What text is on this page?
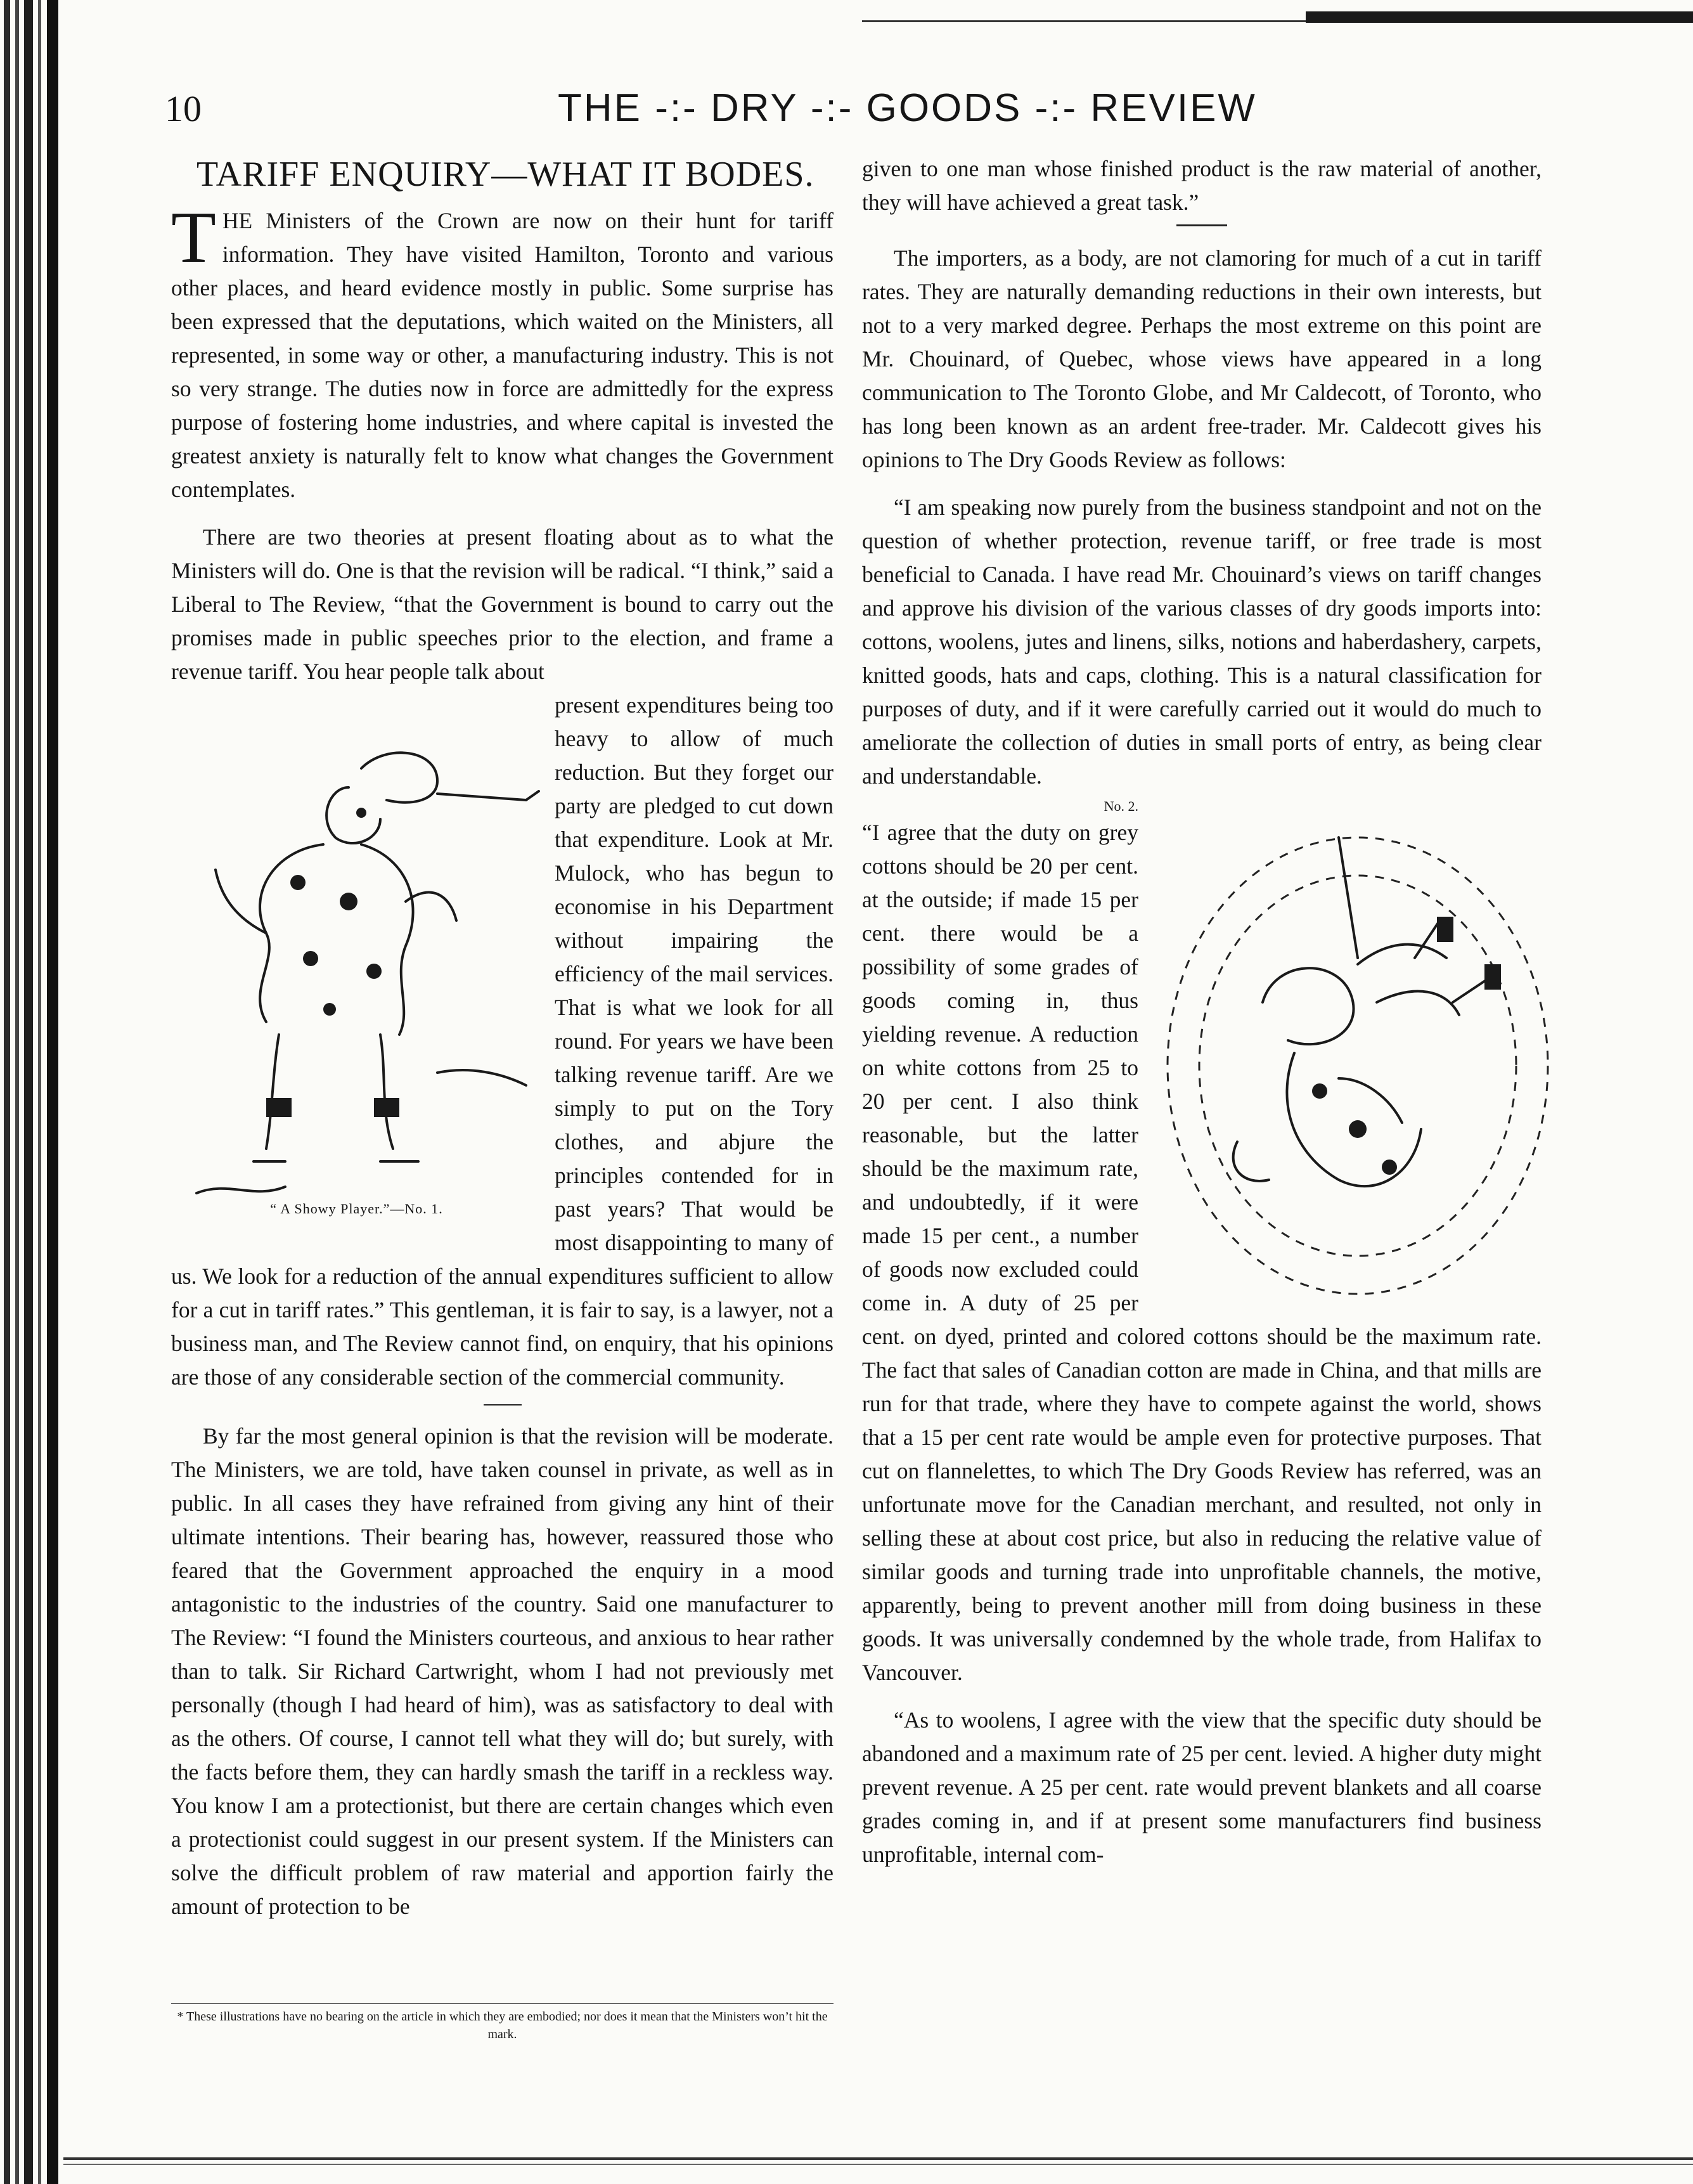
10	THE -:- DRY -:- GOODS -:- REVIEW
TARIFF ENQUIRY—WHAT IT BODES.

THE Ministers of the Crown are now on their hunt for tariff information. They have visited Hamilton, Toronto and various other places, and heard evidence mostly in public. Some surprise has been expressed that the deputations, which waited on the Ministers, all represented, in some way or other, a manufacturing industry. This is not so very strange. The duties now in force are admittedly for the express purpose of fostering home industries, and where capital is invested the greatest anxiety is naturally felt to know what changes the Government contemplates.

There are two theories at present floating about as to what the Ministers will do. One is that the revision will be radical. “I think,” said a Liberal to The Review, “that the Government is bound to carry out the promises made in public speeches prior to the election, and frame a revenue tariff. You hear people talk about

“ A Showy Player.”—No. 1.

present expenditures being too heavy to allow of much reduction. But they forget our party are pledged to cut down that expenditure. Look at Mr. Mulock, who has begun to economise in his Department without impairing the efficiency of the mail services. That is what we look for all round. For years we have been talking revenue tariff. Are we simply to put on the Tory clothes, and abjure the principles contended for in past years? That would be most disappointing to many of us. We look for a reduction of the annual expenditures sufficient to allow for a cut in tariff rates.” This gentleman, it is fair to say, is a lawyer, not a business man, and The Review cannot find, on enquiry, that his opinions are those of any considerable section of the commercial community.

By far the most general opinion is that the revision will be moderate. The Ministers, we are told, have taken counsel in private, as well as in public. In all cases they have refrained from giving any hint of their ultimate intentions. Their bearing has, however, reassured those who feared that the Government approached the enquiry in a mood antagonistic to the industries of the country. Said one manufacturer to The Review: “I found the Ministers courteous, and anxious to hear rather than to talk. Sir Richard Cartwright, whom I had not previously met personally (though I had heard of him), was as satisfactory to deal with as the others. Of course, I cannot tell what they will do; but surely, with the facts before them, they can hardly smash the tariff in a reckless way. You know I am a protectionist, but there are certain changes which even a protectionist could suggest in our present system. If the Ministers can solve the difficult problem of raw material and apportion fairly the amount of protection to be

* These illustrations have no bearing on the article in which they are embodied; nor does it mean that the Ministers won’t hit the mark.

given to one man whose finished product is the raw material of another, they will have achieved a great task.”

The importers, as a body, are not clamoring for much of a cut in tariff rates. They are naturally demanding reductions in their own interests, but not to a very marked degree. Perhaps the most extreme on this point are Mr. Chouinard, of Quebec, whose views have appeared in a long communication to The Toronto Globe, and Mr Caldecott, of Toronto, who has long been known as an ardent free-trader. Mr. Caldecott gives his opinions to The Dry Goods Review as follows:

“I am speaking now purely from the business standpoint and not on the question of whether protection, revenue tariff, or free trade is most beneficial to Canada. I have read Mr. Chouinard’s views on tariff changes and approve his division of the various classes of dry goods imports into: cottons, woolens, jutes and linens, silks, notions and haberdashery, carpets, knitted goods, hats and caps, clothing. This is a natural classification for purposes of duty, and if it were carefully carried out it would do much to ameliorate the collection of duties in small ports of entry, as being clear and understandable.

No. 2.
“I agree that the duty on grey cottons should be 20 per cent. at the outside; if made 15 per cent. there would be a possibility of some grades of goods coming in, thus yielding revenue. A reduction on white cottons from 25 to 20 per cent. I also think reasonable, but the latter should be the maximum rate, and undoubtedly, if it were made 15 per cent., a number of goods now excluded could come in. A duty of 25 per cent. on dyed, printed and colored cottons should be the maximum rate. The fact that sales of Canadian cotton are made in China, and that mills are run for that trade, where they have to compete against the world, shows that a 15 per cent rate would be ample even for protective purposes. That cut on flannelettes, to which The Dry Goods Review has referred, was an unfortunate move for the Canadian merchant, and resulted, not only in selling these at about cost price, but also in reducing the relative value of similar goods and turning trade into unprofitable channels, the motive, apparently, being to prevent another mill from doing business in these goods. It was universally condemned by the whole trade, from Halifax to Vancouver.

“As to woolens, I agree with the view that the specific duty should be abandoned and a maximum rate of 25 per cent. levied. A higher duty might prevent revenue. A 25 per cent. rate would prevent blankets and all coarse grades coming in, and if at present some manufacturers find business unprofitable, internal com-
